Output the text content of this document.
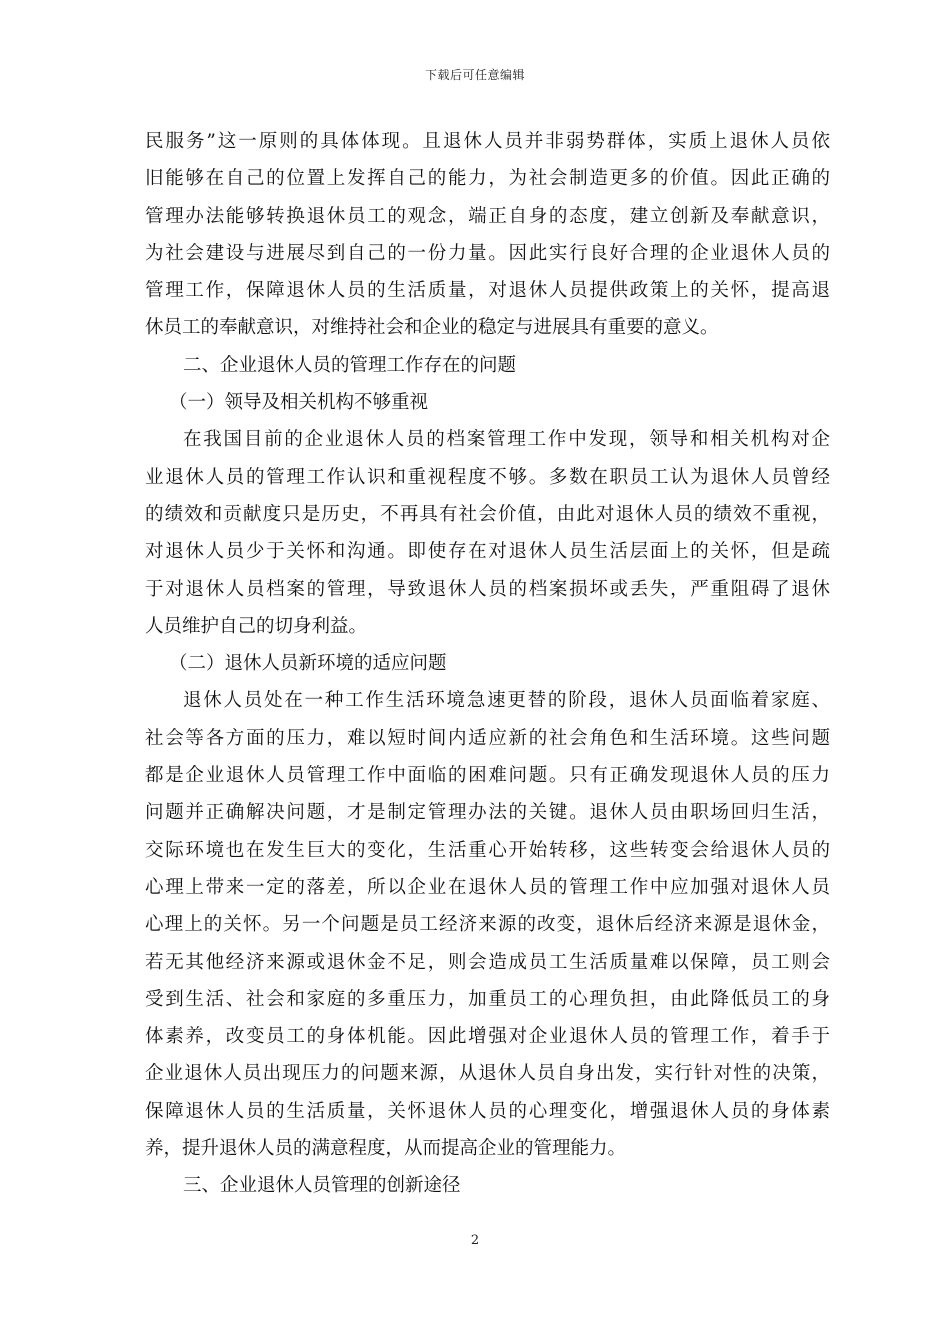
下载后可任意编辑
民服务”这一原则的具体体现。且退休人员并非弱势群体，实质上退休人员依
旧能够在自己的位置上发挥自己的能力，为社会制造更多的价值。因此正确的
管理办法能够转换退休员工的观念，端正自身的态度，建立创新及奉献意识，
为社会建设与进展尽到自己的一份力量。因此实行良好合理的企业退休人员的
管理工作，保障退休人员的生活质量，对退休人员提供政策上的关怀，提高退
休员工的奉献意识，对维持社会和企业的稳定与进展具有重要的意义。
二、企业退休人员的管理工作存在的问题
（一）领导及相关机构不够重视
在我国目前的企业退休人员的档案管理工作中发现，领导和相关机构对企
业退休人员的管理工作认识和重视程度不够。多数在职员工认为退休人员曾经
的绩效和贡献度只是历史，不再具有社会价值，由此对退休人员的绩效不重视，
对退休人员少于关怀和沟通。即使存在对退休人员生活层面上的关怀，但是疏
于对退休人员档案的管理，导致退休人员的档案损坏或丢失，严重阻碍了退休
人员维护自己的切身利益。
（二）退休人员新环境的适应问题
退休人员处在一种工作生活环境急速更替的阶段，退休人员面临着家庭、
社会等各方面的压力，难以短时间内适应新的社会角色和生活环境。这些问题
都是企业退休人员管理工作中面临的困难问题。只有正确发现退休人员的压力
问题并正确解决问题，才是制定管理办法的关键。退休人员由职场回归生活，
交际环境也在发生巨大的变化，生活重心开始转移，这些转变会给退休人员的
心理上带来一定的落差，所以企业在退休人员的管理工作中应加强对退休人员
心理上的关怀。另一个问题是员工经济来源的改变，退休后经济来源是退休金，
若无其他经济来源或退休金不足，则会造成员工生活质量难以保障，员工则会
受到生活、社会和家庭的多重压力，加重员工的心理负担，由此降低员工的身
体素养，改变员工的身体机能。因此增强对企业退休人员的管理工作，着手于
企业退休人员出现压力的问题来源，从退休人员自身出发，实行针对性的决策，
保障退休人员的生活质量，关怀退休人员的心理变化，增强退休人员的身体素
养，提升退休人员的满意程度，从而提高企业的管理能力。
三、企业退休人员管理的创新途径
2
